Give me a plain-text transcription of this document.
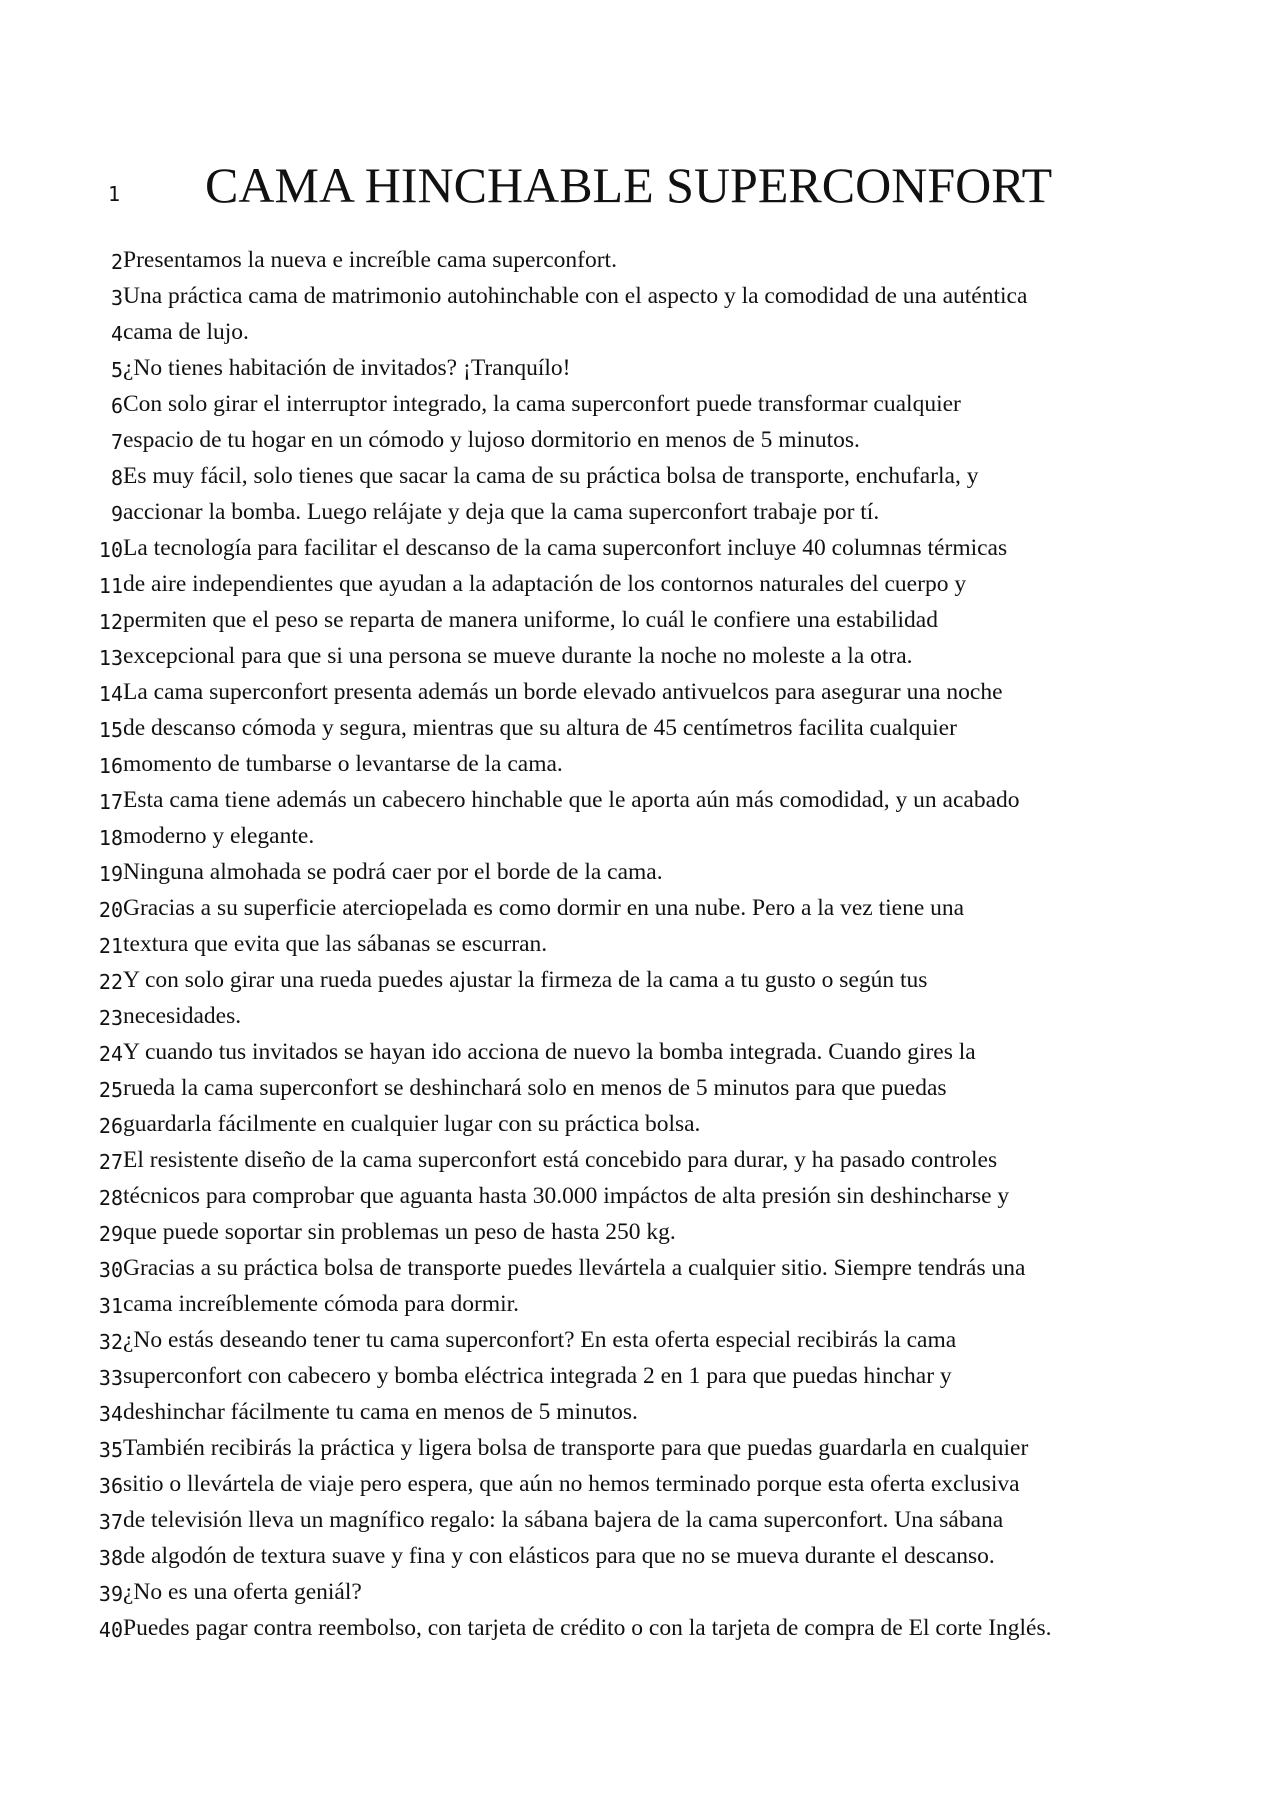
1 CAMA HINCHABLE SUPERCONFORT
2 Presentamos la nueva e increíble cama superconfort.
3 Una práctica cama de matrimonio autohinchable con el aspecto y la comodidad de una auténtica
4 cama de lujo.
5 ¿No tienes habitación de invitados? ¡Tranquílo!
6 Con solo girar el interruptor integrado, la cama superconfort puede transformar cualquier
7 espacio de tu hogar en un cómodo y lujoso dormitorio en menos de 5 minutos.
8 Es muy fácil, solo tienes que sacar la cama de su práctica bolsa de transporte, enchufarla, y
9 accionar la bomba. Luego relájate y deja que la cama superconfort trabaje por tí.
10 La tecnología para facilitar el descanso de la cama superconfort incluye 40 columnas térmicas
11 de aire independientes que ayudan a la adaptación de los contornos naturales del cuerpo y
12 permiten que el peso se reparta de manera uniforme, lo cuál le confiere una estabilidad
13 excepcional para que si una persona se mueve durante la noche no moleste a la otra.
14 La cama superconfort presenta además un borde elevado antivuelcos para asegurar una noche
15 de descanso cómoda y segura, mientras que su altura de 45 centímetros facilita cualquier
16 momento de tumbarse o levantarse de la cama.
17 Esta cama tiene además un cabecero hinchable que le aporta aún más comodidad, y un acabado
18 moderno y elegante.
19 Ninguna almohada se podrá caer por el borde de la cama.
20 Gracias a su superficie aterciopelada es como dormir en una nube. Pero a la vez tiene una
21 textura que evita que las sábanas se escurran.
22 Y con solo girar una rueda puedes ajustar la firmeza de la cama a tu gusto o según tus
23 necesidades.
24 Y cuando tus invitados se hayan ido acciona de nuevo la bomba integrada. Cuando gires la
25 rueda la cama superconfort se deshinchará solo en menos de 5 minutos para que puedas
26 guardarla fácilmente en cualquier lugar con su práctica bolsa.
27 El resistente diseño de la cama superconfort está concebido para durar, y ha pasado controles
28 técnicos para comprobar que aguanta hasta 30.000 impáctos de alta presión sin deshincharse y
29 que puede soportar sin problemas un peso de hasta 250 kg.
30 Gracias a su práctica bolsa de transporte puedes llevártela a cualquier sitio. Siempre tendrás una
31 cama increíblemente cómoda para dormir.
32 ¿No estás deseando tener tu cama superconfort? En esta oferta especial recibirás la cama
33 superconfort con cabecero y bomba eléctrica integrada 2 en 1 para que puedas hinchar y
34 deshinchar fácilmente tu cama en menos de 5 minutos.
35 También recibirás la práctica y ligera bolsa de transporte para que puedas guardarla en cualquier
36 sitio o llevártela de viaje pero espera, que aún no hemos terminado porque esta oferta exclusiva
37 de televisión lleva un magnífico regalo: la sábana bajera de la cama superconfort. Una sábana
38 de algodón de textura suave y fina y con elásticos para que no se mueva durante el descanso.
39 ¿No es una oferta geniál?
40 Puedes pagar contra reembolso, con tarjeta de crédito o con la tarjeta de compra de El corte Inglés.
